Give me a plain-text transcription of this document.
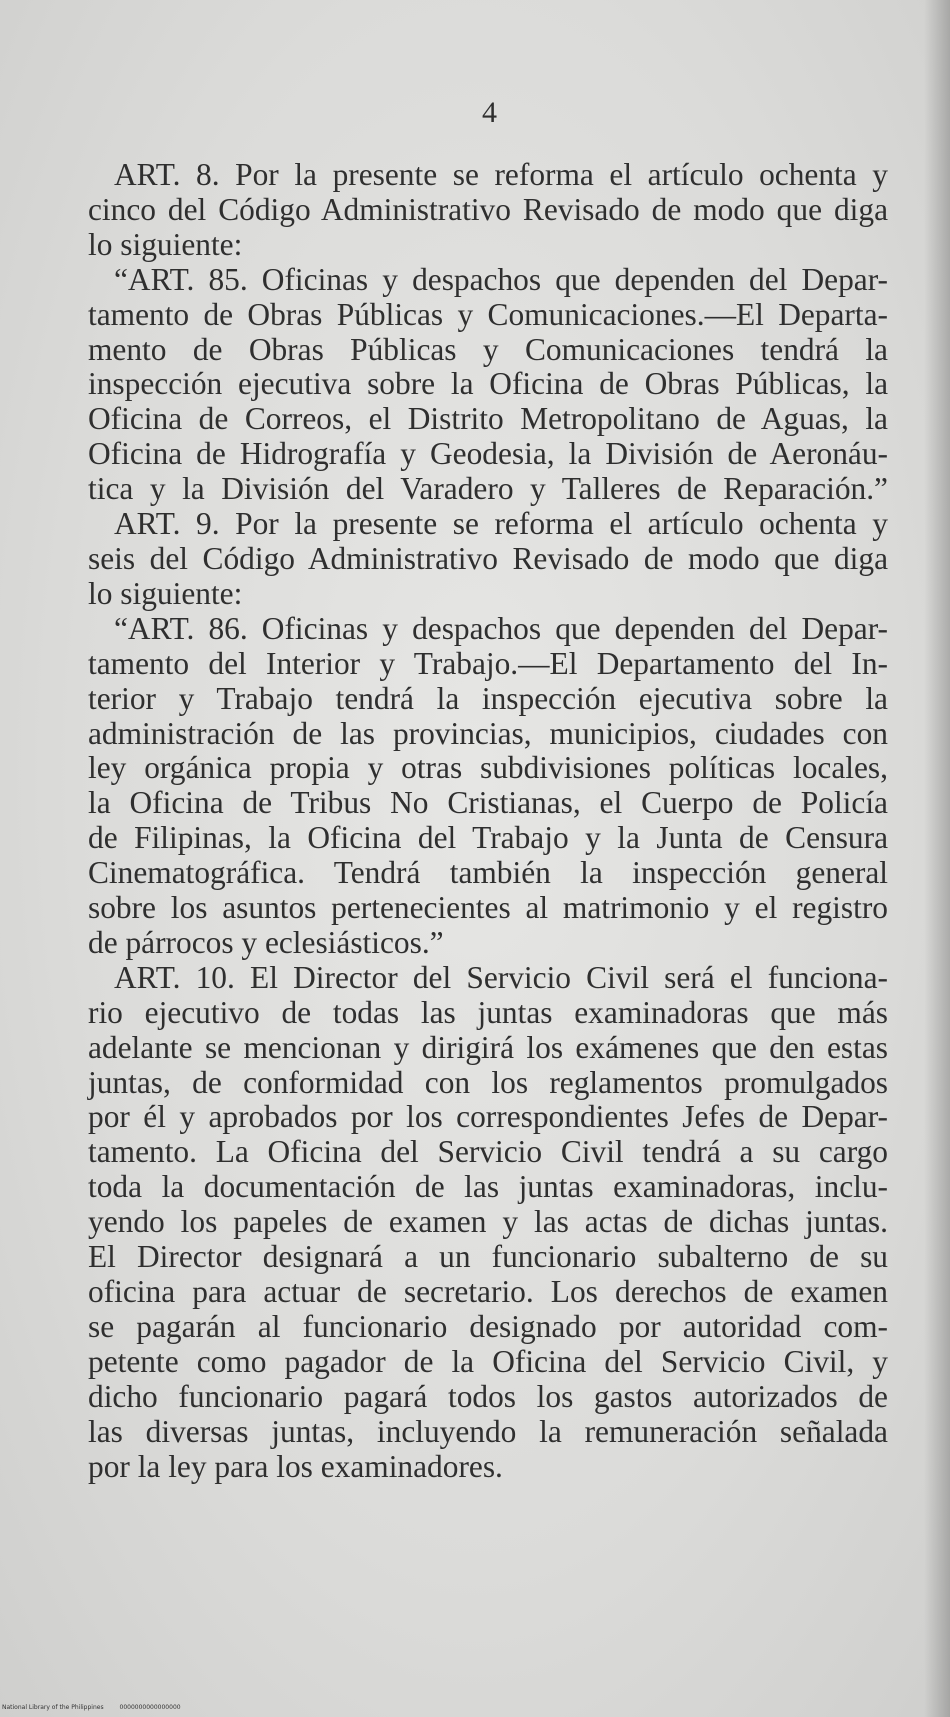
4
ART. 8. Por la presente se reforma el artículo ochenta y
cinco del Código Administrativo Revisado de modo que diga
lo siguiente:
“ART. 85. Oficinas y despachos que dependen del Depar-
tamento de Obras Públicas y Comunicaciones.—El Departa-
mento de Obras Públicas y Comunicaciones tendrá la
inspección ejecutiva sobre la Oficina de Obras Públicas, la
Oficina de Correos, el Distrito Metropolitano de Aguas, la
Oficina de Hidrografía y Geodesia, la División de Aeronáu-
tica y la División del Varadero y Talleres de Reparación.”
ART. 9. Por la presente se reforma el artículo ochenta y
seis del Código Administrativo Revisado de modo que diga
lo siguiente:
“ART. 86. Oficinas y despachos que dependen del Depar-
tamento del Interior y Trabajo.—El Departamento del In-
terior y Trabajo tendrá la inspección ejecutiva sobre la
administración de las provincias, municipios, ciudades con
ley orgánica propia y otras subdivisiones políticas locales,
la Oficina de Tribus No Cristianas, el Cuerpo de Policía
de Filipinas, la Oficina del Trabajo y la Junta de Censura
Cinematográfica. Tendrá también la inspección general
sobre los asuntos pertenecientes al matrimonio y el registro
de párrocos y eclesiásticos.”
ART. 10. El Director del Servicio Civil será el funciona-
rio ejecutivo de todas las juntas examinadoras que más
adelante se mencionan y dirigirá los exámenes que den estas
juntas, de conformidad con los reglamentos promulgados
por él y aprobados por los correspondientes Jefes de Depar-
tamento. La Oficina del Servicio Civil tendrá a su cargo
toda la documentación de las juntas examinadoras, inclu-
yendo los papeles de examen y las actas de dichas juntas.
El Director designará a un funcionario subalterno de su
oficina para actuar de secretario. Los derechos de examen
se pagarán al funcionario designado por autoridad com-
petente como pagador de la Oficina del Servicio Civil, y
dicho funcionario pagará todos los gastos autorizados de
las diversas juntas, incluyendo la remuneración señalada
por la ley para los examinadores.
National Library of the Philippines	0000000000000000
